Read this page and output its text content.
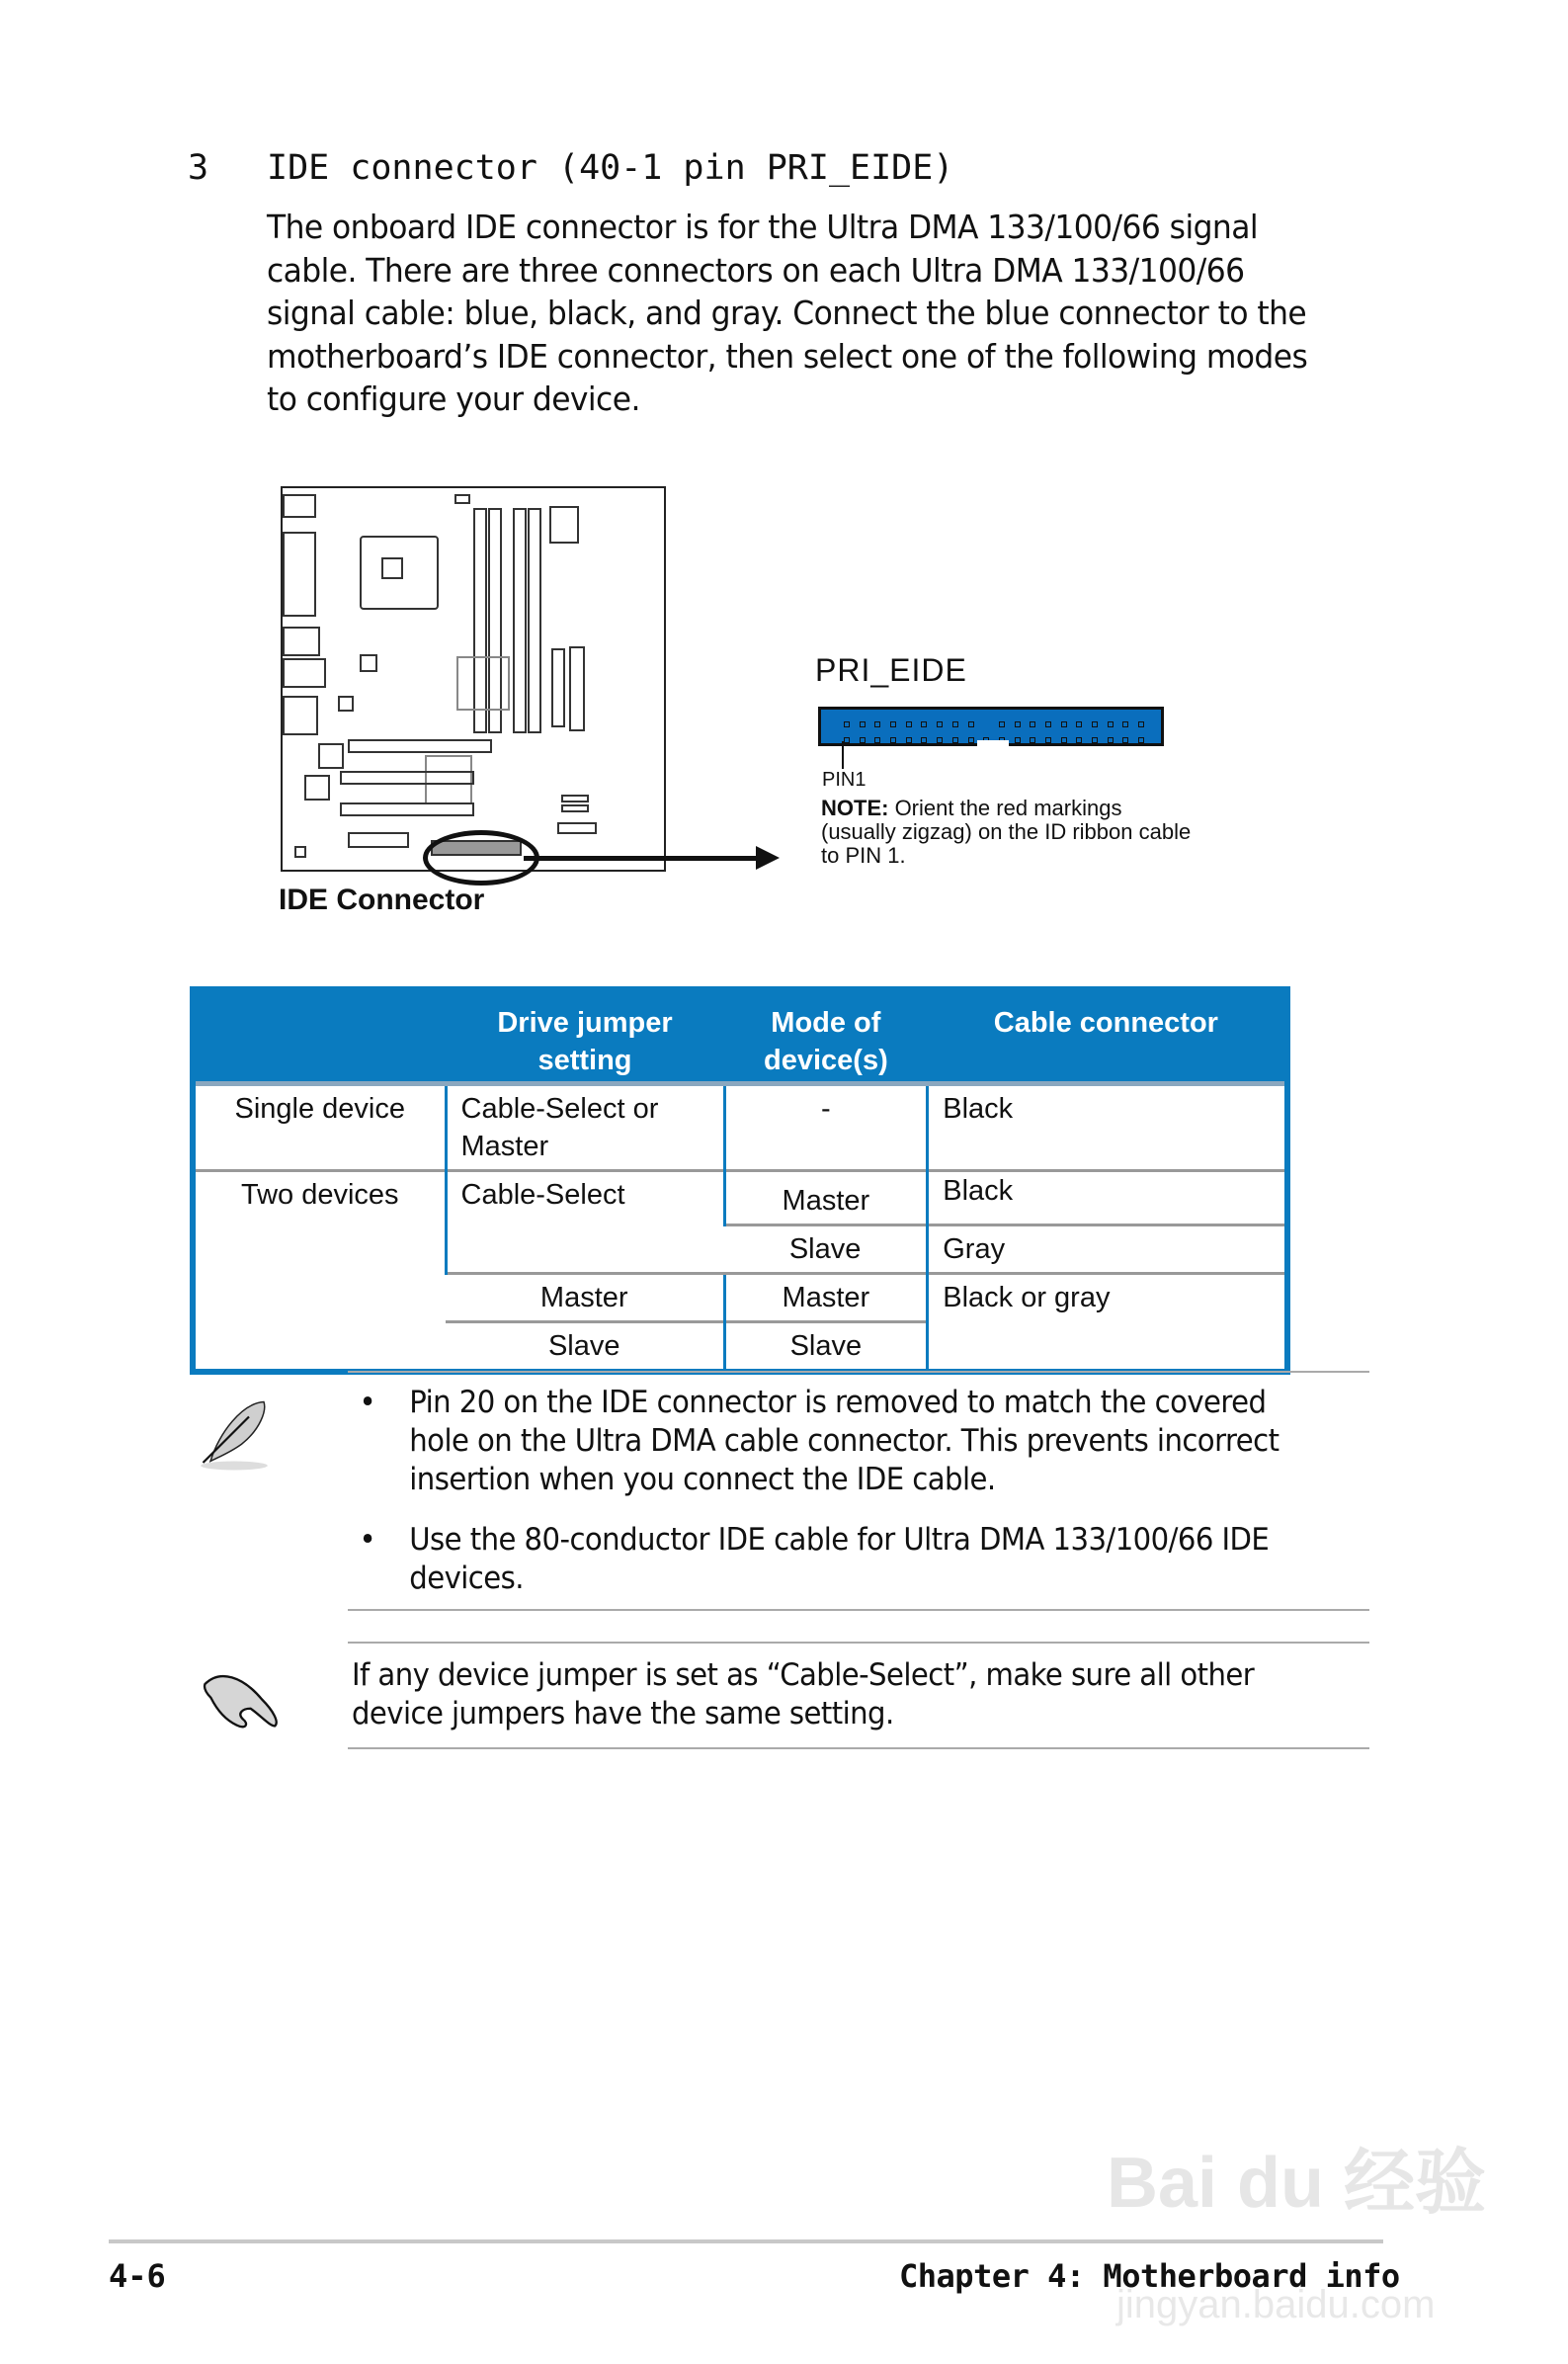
3 IDE connector (40-1 pin PRI_EIDE)
The onboard IDE connector is for the Ultra DMA 133/100/66 signal cable. There are three connectors on each Ultra DMA 133/100/66 signal cable: blue, black, and gray. Connect the blue connector to the motherboard’s IDE connector, then select one of the following modes to configure your device.
IDE Connector
PRI_EIDE
PIN1
NOTE: Orient the red markings (usually zigzag) on the ID ribbon cable to PIN 1.
	Drive jumper setting	Mode of device(s)	Cable connector
Single device	Cable-Select or Master	-	Black
Two devices	Cable-Select	Master	Black
		Slave	Gray
	Master	Master	Black or gray
	Slave	Slave	
• Pin 20 on the IDE connector is removed to match the covered hole on the Ultra DMA cable connector. This prevents incorrect insertion when you connect the IDE cable.
• Use the 80-conductor IDE cable for Ultra DMA 133/100/66 IDE devices.
If any device jumper is set as “Cable-Select”, make sure all other device jumpers have the same setting.
Bai du 经验
jingyan.baidu.com
4-6	Chapter 4: Motherboard info
